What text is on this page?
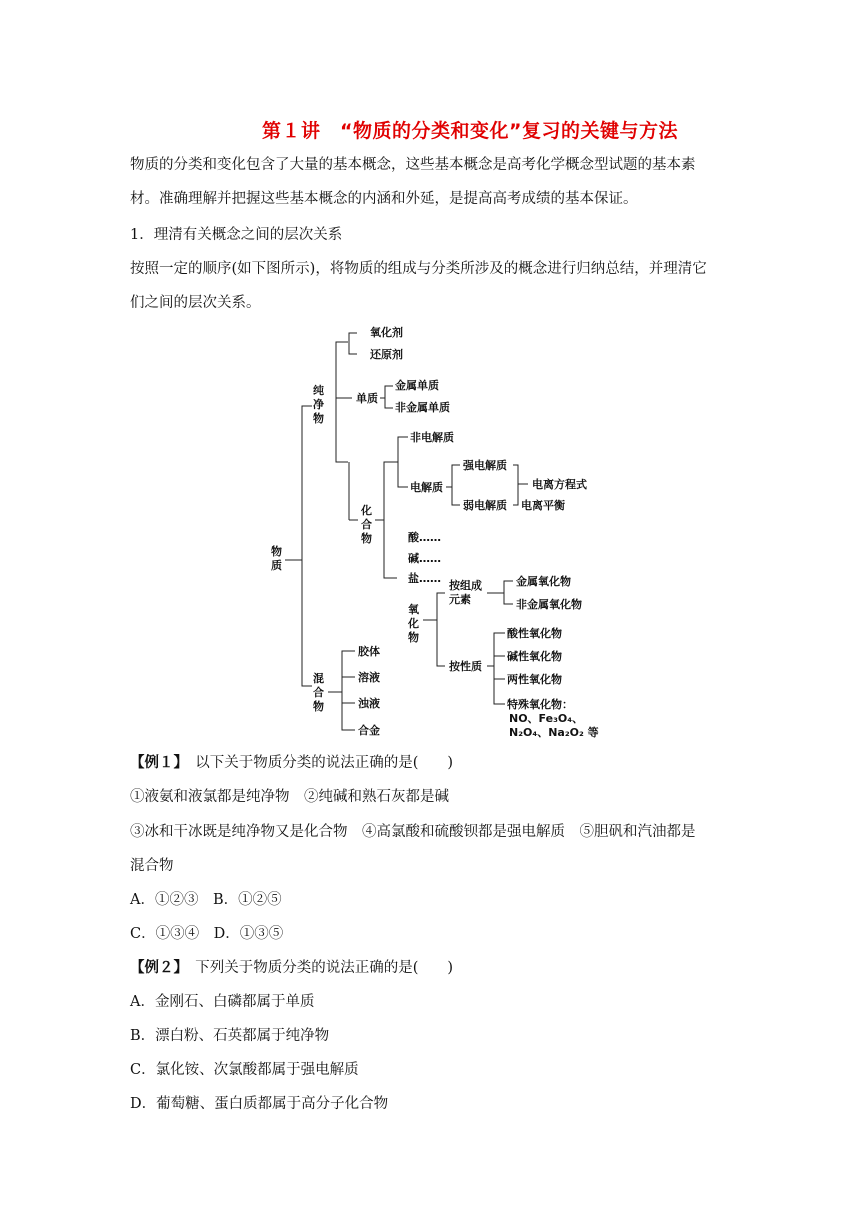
第１讲　“物质的分类和变化”复习的关键与方法
物质的分类和变化包含了大量的基本概念，这些基本概念是高考化学概念型试题的基本素
材。准确理解并把握这些基本概念的内涵和外延，是提高高考成绩的基本保证。
1．理清有关概念之间的层次关系
按照一定的顺序(如下图所示)，将物质的组成与分类所涉及的概念进行归纳总结，并理清它
们之间的层次关系。
物
质
纯
净
物
氧化剂
还原剂
单质
金属单质
非金属单质
化
合
物
非电解质
电解质
强电解质
弱电解质
电离方程式
电离平衡
酸……
碱……
盐……
氧
化
物
按组成
元素
金属氧化物
非金属氧化物
按性质
酸性氧化物
碱性氧化物
两性氧化物
特殊氧化物：
NO、Fe₃O₄、
N₂O₄、Na₂O₂ 等
混
合
物
胶体
溶液
浊液
合金
【例１】　以下关于物质分类的说法正确的是(　　)
①液氨和液氯都是纯净物　②纯碱和熟石灰都是碱
③冰和干冰既是纯净物又是化合物　④高氯酸和硫酸钡都是强电解质　⑤胆矾和汽油都是
混合物
A．①②③　B．①②⑤
C．①③④　D．①③⑤
【例２】　下列关于物质分类的说法正确的是(　　)
A．金刚石、白磷都属于单质
B．漂白粉、石英都属于纯净物
C．氯化铵、次氯酸都属于强电解质
D．葡萄糖、蛋白质都属于高分子化合物
